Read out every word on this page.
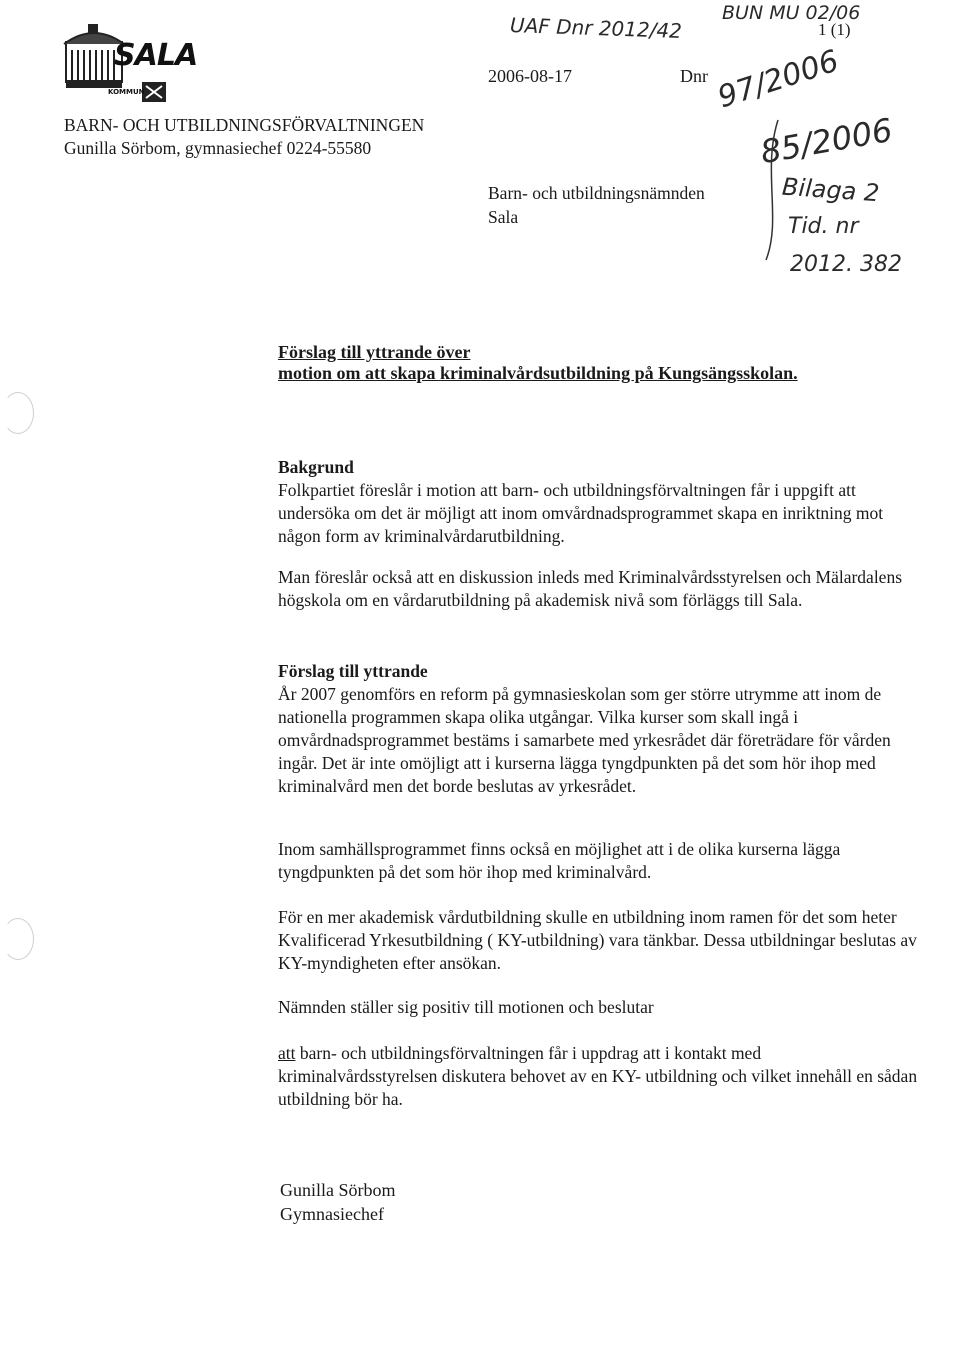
SALA
KOMMUN
BARN- OCH UTBILDNINGSFÖRVALTNINGEN
Gunilla Sörbom, gymnasiechef 0224-55580
2006-08-17	Dnr
1 (1)
UAF Dnr 2012/42
BUN MU 02/06
97/2006
85/2006
Bilaga 2
Tid. nr
2012. 382
Barn- och utbildningsnämnden
Sala
Förslag till yttrande över
motion om att skapa kriminalvårdsutbildning på Kungsängsskolan.

Bakgrund

Folkpartiet föreslår i motion att barn- och utbildningsförvaltningen får i uppgift att undersöka om det är möjligt att inom omvårdnadsprogrammet skapa en inriktning mot någon form av kriminalvårdarutbildning.

Man föreslår också att en diskussion inleds med Kriminalvårdsstyrelsen och Mälardalens högskola om en vårdarutbildning på akademisk nivå som förläggs till Sala.

Förslag till yttrande

År 2007 genomförs en reform på gymnasieskolan som ger större utrymme att inom de nationella programmen skapa olika utgångar. Vilka kurser som skall ingå i omvårdnadsprogrammet bestäms i samarbete med yrkesrådet där företrädare för vården ingår. Det är inte omöjligt att i kurserna lägga tyngdpunkten på det som hör ihop med kriminalvård men det borde beslutas av yrkesrådet.

Inom samhällsprogrammet finns också en möjlighet att i de olika kurserna lägga tyngdpunkten på det som hör ihop med kriminalvård.

För en mer akademisk vårdutbildning skulle en utbildning inom ramen för det som heter Kvalificerad Yrkesutbildning ( KY-utbildning) vara tänkbar. Dessa utbildningar beslutas av KY-myndigheten efter ansökan.

Nämnden ställer sig positiv till motionen och beslutar

att barn- och utbildningsförvaltningen får i uppdrag att i kontakt med kriminalvårdsstyrelsen diskutera behovet av en KY- utbildning och vilket innehåll en sådan utbildning bör ha.

Gunilla Sörbom
Gymnasiechef
